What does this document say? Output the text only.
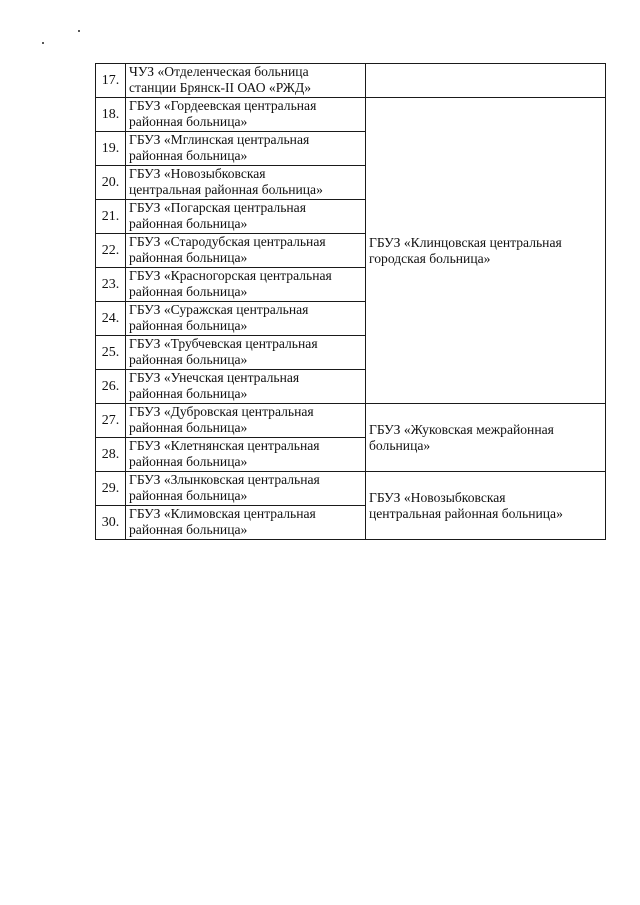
17.	ЧУЗ «Отделенческая больница
станции Брянск-II ОАО «РЖД»	

18.	ГБУЗ «Гордеевская центральная
районная больница»	ГБУЗ «Клинцовская центральная
городская больница»

19.	ГБУЗ «Мглинская центральная
районная больница»	

20.	ГБУЗ «Новозыбковская
центральная районная больница»	

21.	ГБУЗ «Погарская центральная
районная больница»	

22.	ГБУЗ «Стародубская центральная
районная больница»	

23.	ГБУЗ «Красногорская центральная
районная больница»	

24.	ГБУЗ «Суражская центральная
районная больница»	

25.	ГБУЗ «Трубчевская центральная
районная больница»	

26.	ГБУЗ «Унечская центральная
районная больница»	

27.	ГБУЗ «Дубровская центральная
районная больница»	ГБУЗ «Жуковская межрайонная
больница»

28.	ГБУЗ «Клетнянская центральная
районная больница»	

29.	ГБУЗ «Злынковская центральная
районная больница»	ГБУЗ «Новозыбковская
центральная районная больница»

30.	ГБУЗ «Климовская центральная
районная больница»	
